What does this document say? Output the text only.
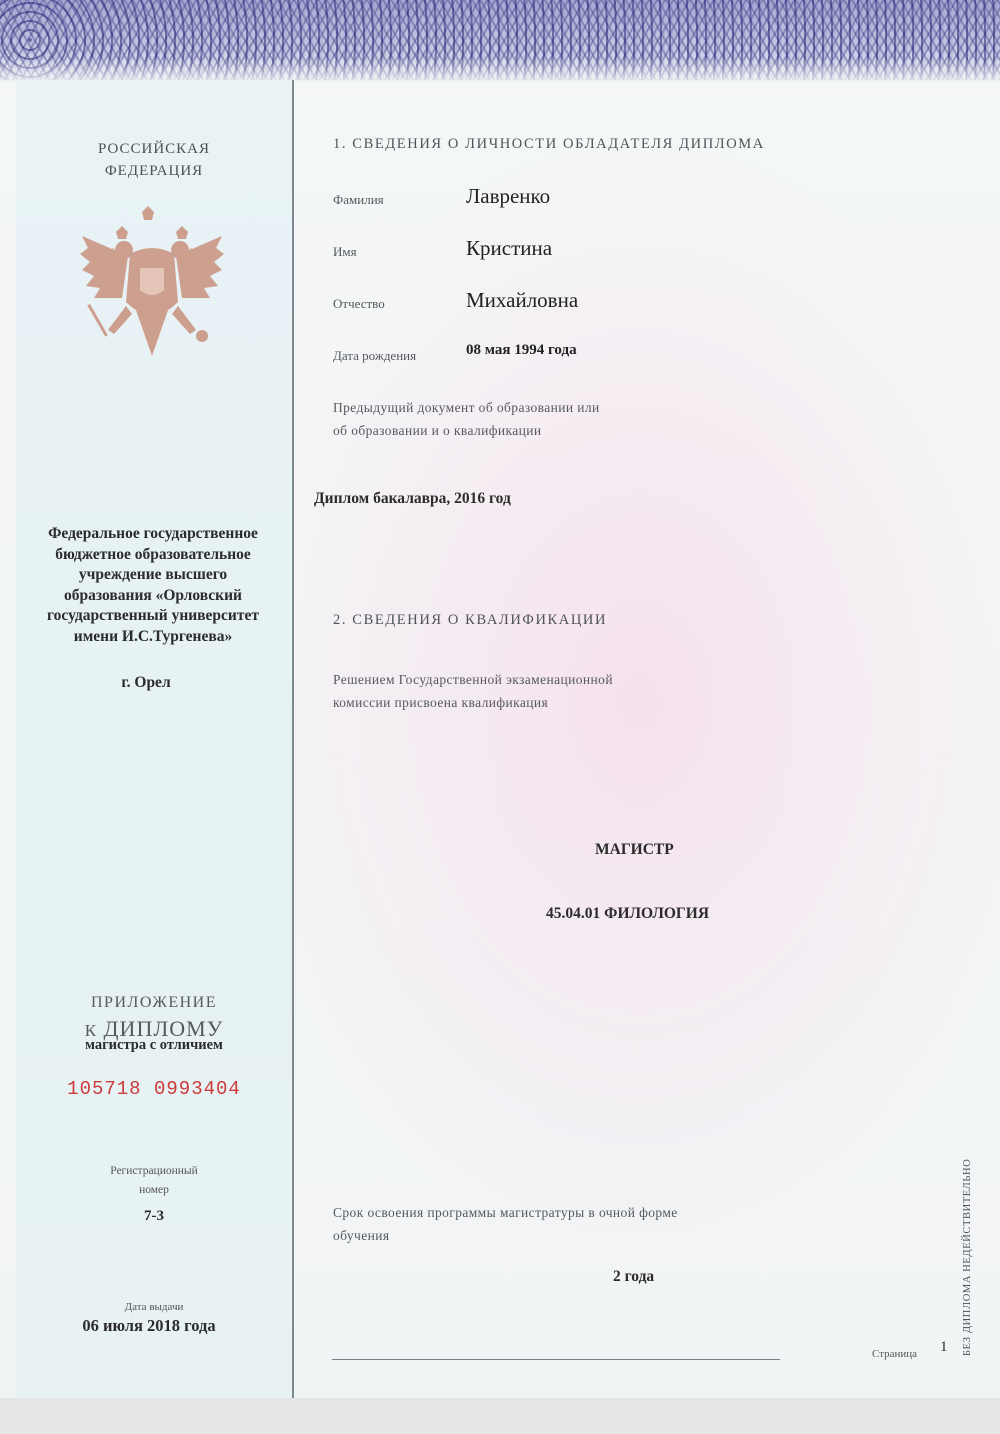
РОССИЙСКАЯ
ФЕДЕРАЦИЯ
Федеральное государственное
бюджетное образовательное
учреждение высшего
образования «Орловский
государственный университет
имени И.С.Тургенева»
г. Орел
ПРИЛОЖЕНИЕ
К ДИПЛОМУ
магистра с отличием
105718 0993404
Регистрационный
номер
7-3
Дата выдачи
06 июля 2018 года
1. СВЕДЕНИЯ О ЛИЧНОСТИ ОБЛАДАТЕЛЯ ДИПЛОМА
Фамилия	Лавренко
Имя	Кристина
Отчество	Михайловна
Дата рождения	08 мая 1994 года
Предыдущий документ об образовании или
об образовании и о квалификации
Диплом бакалавра, 2016 год
2. СВЕДЕНИЯ О КВАЛИФИКАЦИИ
Решением Государственной экзаменационной
комиссии присвоена квалификация
МАГИСТР
45.04.01 ФИЛОЛОГИЯ
Срок освоения программы магистратуры в очной форме
обучения
2 года
Страница 1 БЕЗ ДИПЛОМА НЕДЕЙСТВИТЕЛЬНО
